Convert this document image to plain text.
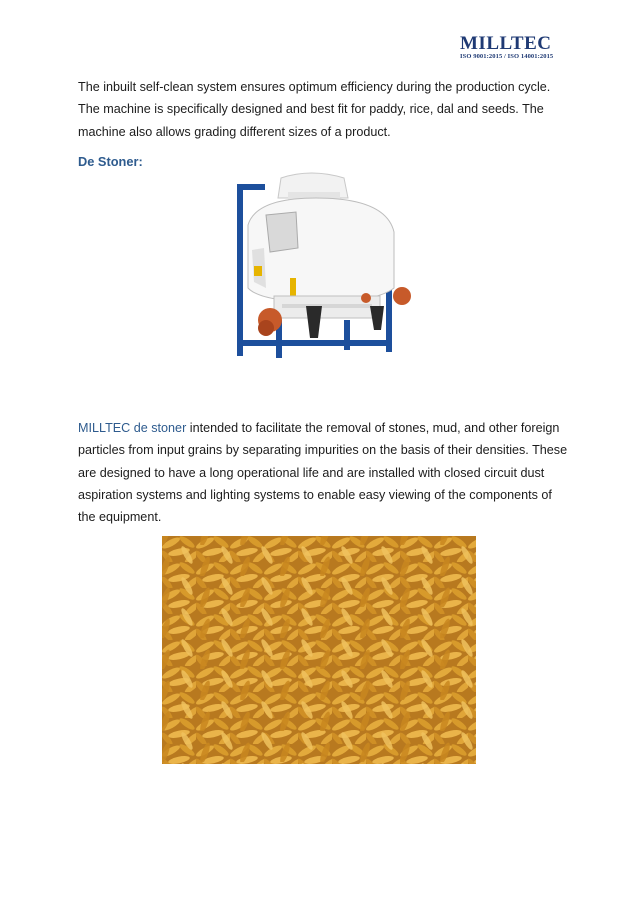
MILLTEC
ISO 9001:2015 / ISO 14001:2015

The inbuilt self-clean system ensures optimum efficiency during the production cycle. The machine is specifically designed and best fit for paddy, rice, dal and seeds. The machine also allows grading different sizes of a product.

De Stoner:

MILLTEC de stoner intended to facilitate the removal of stones, mud, and other foreign particles from input grains by separating impurities on the basis of their densities. These are designed to have a long operational life and are installed with closed circuit dust aspiration systems and lighting systems to enable easy viewing of the components of the equipment.
